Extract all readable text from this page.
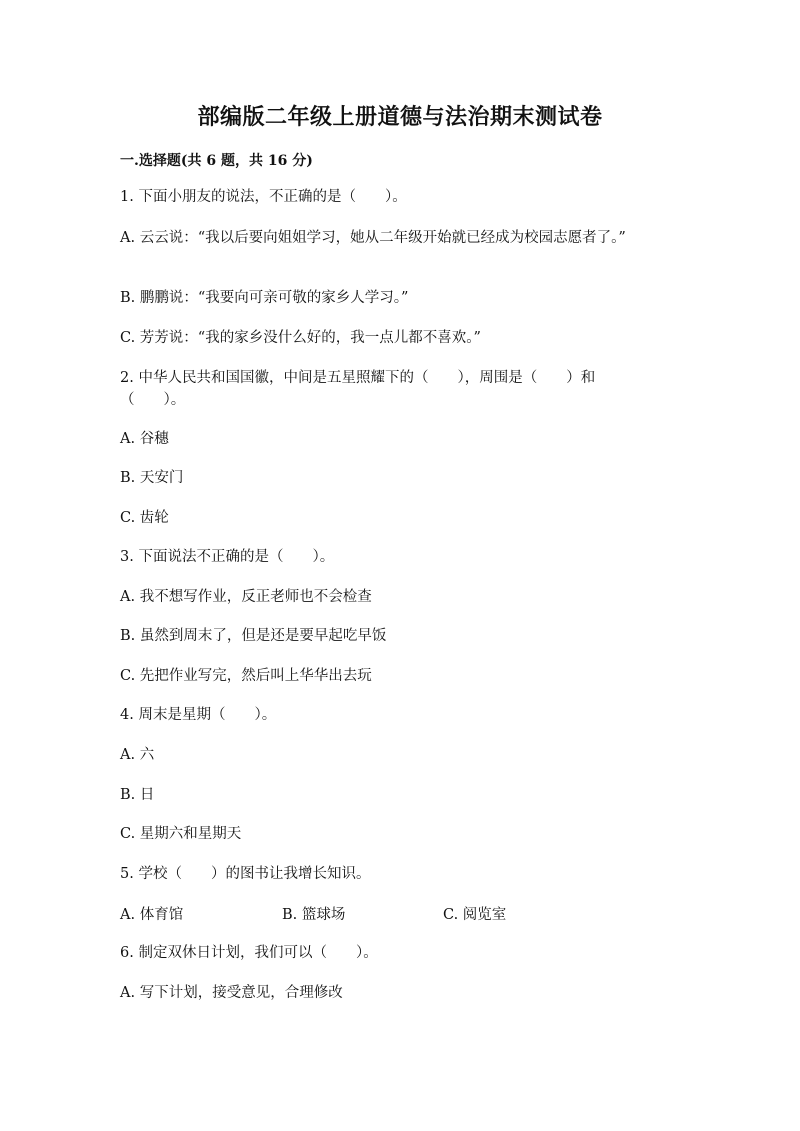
部编版二年级上册道德与法治期末测试卷
一.选择题(共 6 题，共 16 分)
1. 下面小朋友的说法，不正确的是（　　）。
A. 云云说：“我以后要向姐姐学习，她从二年级开始就已经成为校园志愿者了。”
B. 鹏鹏说：“我要向可亲可敬的家乡人学习。”
C. 芳芳说：“我的家乡没什么好的，我一点儿都不喜欢。”
2. 中华人民共和国国徽，中间是五星照耀下的（　　），周围是（　　）和
（　　）。
A. 谷穗
B. 天安门
C. 齿轮
3. 下面说法不正确的是（　　）。
A. 我不想写作业，反正老师也不会检查
B. 虽然到周末了，但是还是要早起吃早饭
C. 先把作业写完，然后叫上华华出去玩
4. 周末是星期（　　）。
A. 六
B. 日
C. 星期六和星期天
5. 学校（　　）的图书让我增长知识。
A. 体育馆	B. 篮球场	C. 阅览室
6. 制定双休日计划，我们可以（　　）。
A. 写下计划，接受意见，合理修改
